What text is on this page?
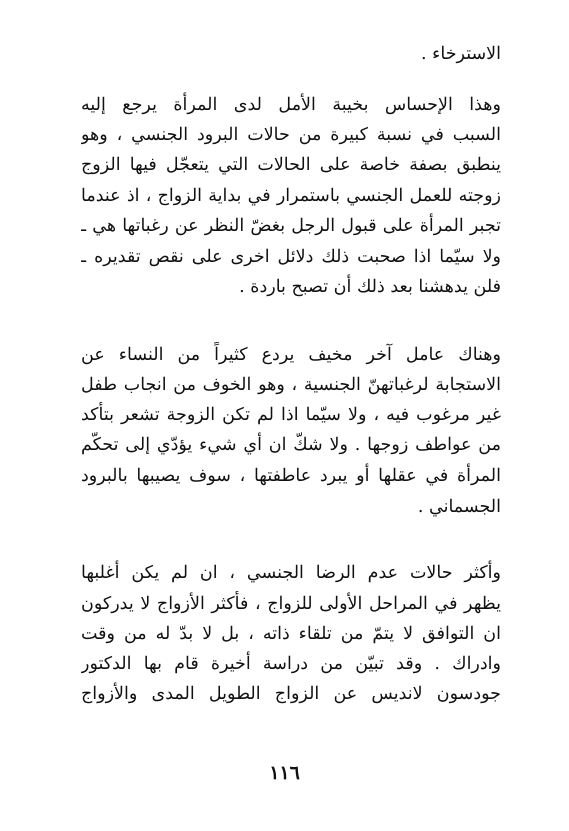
الاسترخاء .
وهذا الإحساس بخيبة الأمل لدى المرأة يرجع إليه
السبب في نسبة كبيرة من حالات البرود الجنسي ، وهو
ينطبق بصفة خاصة على الحالات التي يتعجّل فيها الزوج
زوجته للعمل الجنسي باستمرار في بداية الزواج ، اذ عندما
تجبر المرأة على قبول الرجل بغضّ النظر عن رغباتها هي ـ
ولا سيّما اذا صحبت ذلك دلائل اخرى على نقص تقديره ـ
فلن يدهشنا بعد ذلك أن تصبح باردة .
وهناك عامل آخر مخيف يردع كثيراً من النساء عن
الاستجابة لرغباتهنّ الجنسية ، وهو الخوف من انجاب طفل
غير مرغوب فيه ، ولا سيّما اذا لم تكن الزوجة تشعر بتأكد
من عواطف زوجها . ولا شكّ ان أي شيء يؤدّي إلى تحكّم
المرأة في عقلها أو يبرد عاطفتها ، سوف يصيبها بالبرود
الجسماني .
وأكثر حالات عدم الرضا الجنسي ، ان لم يكن أغلبها
يظهر في المراحل الأولى للزواج ، فأكثر الأزواج لا يدركون
ان التوافق لا يتمّ من تلقاء ذاته ، بل لا بدّ له من وقت
وادراك . وقد تبيّن من دراسة أخيرة قام بها الدكتور
جودسون لانديس عن الزواج الطويل المدى والأزواج
١١٦
